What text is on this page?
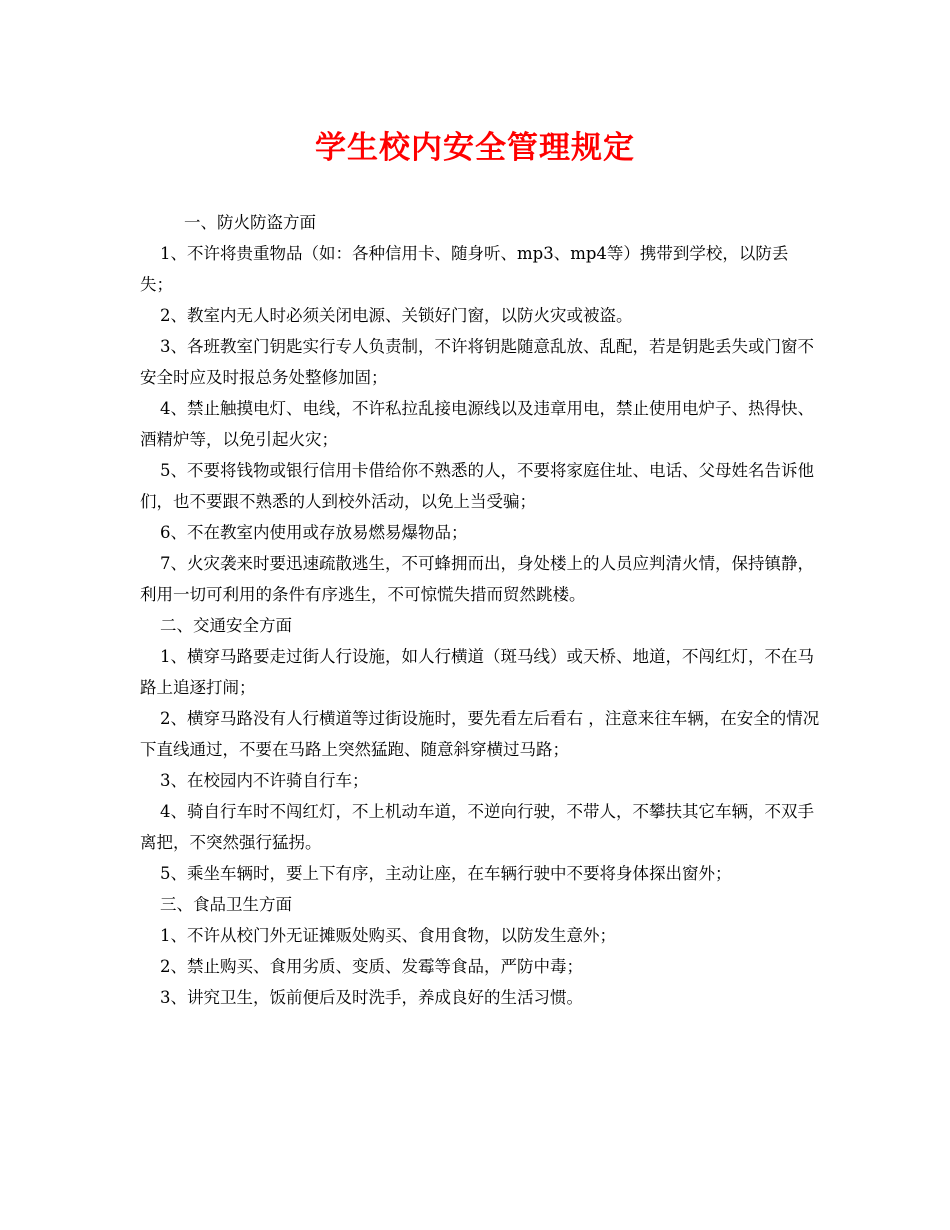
学生校内安全管理规定

一、防火防盗方面

1、不许将贵重物品（如：各种信用卡、随身听、mp3、mp4等）携带到学校，以防丢失；

2、教室内无人时必须关闭电源、关锁好门窗，以防火灾或被盗。

3、各班教室门钥匙实行专人负责制，不许将钥匙随意乱放、乱配，若是钥匙丢失或门窗不安全时应及时报总务处整修加固；

4、禁止触摸电灯、电线，不许私拉乱接电源线以及违章用电，禁止使用电炉子、热得快、酒精炉等，以免引起火灾；

5、不要将钱物或银行信用卡借给你不熟悉的人，不要将家庭住址、电话、父母姓名告诉他们，也不要跟不熟悉的人到校外活动，以免上当受骗；

6、不在教室内使用或存放易燃易爆物品；

7、火灾袭来时要迅速疏散逃生，不可蜂拥而出，身处楼上的人员应判清火情，保持镇静，利用一切可利用的条件有序逃生，不可惊慌失措而贸然跳楼。

二、交通安全方面

1、横穿马路要走过街人行设施，如人行横道（斑马线）或天桥、地道，不闯红灯，不在马路上追逐打闹；

2、横穿马路没有人行横道等过街设施时，要先看左后看右 ，注意来往车辆，在安全的情况下直线通过，不要在马路上突然猛跑、随意斜穿横过马路；

3、在校园内不许骑自行车；

4、骑自行车时不闯红灯，不上机动车道，不逆向行驶，不带人，不攀扶其它车辆，不双手离把，不突然强行猛拐。

5、乘坐车辆时，要上下有序，主动让座，在车辆行驶中不要将身体探出窗外；

三、食品卫生方面

1、不许从校门外无证摊贩处购买、食用食物，以防发生意外；

2、禁止购买、食用劣质、变质、发霉等食品，严防中毒；

3、讲究卫生，饭前便后及时洗手，养成良好的生活习惯。
